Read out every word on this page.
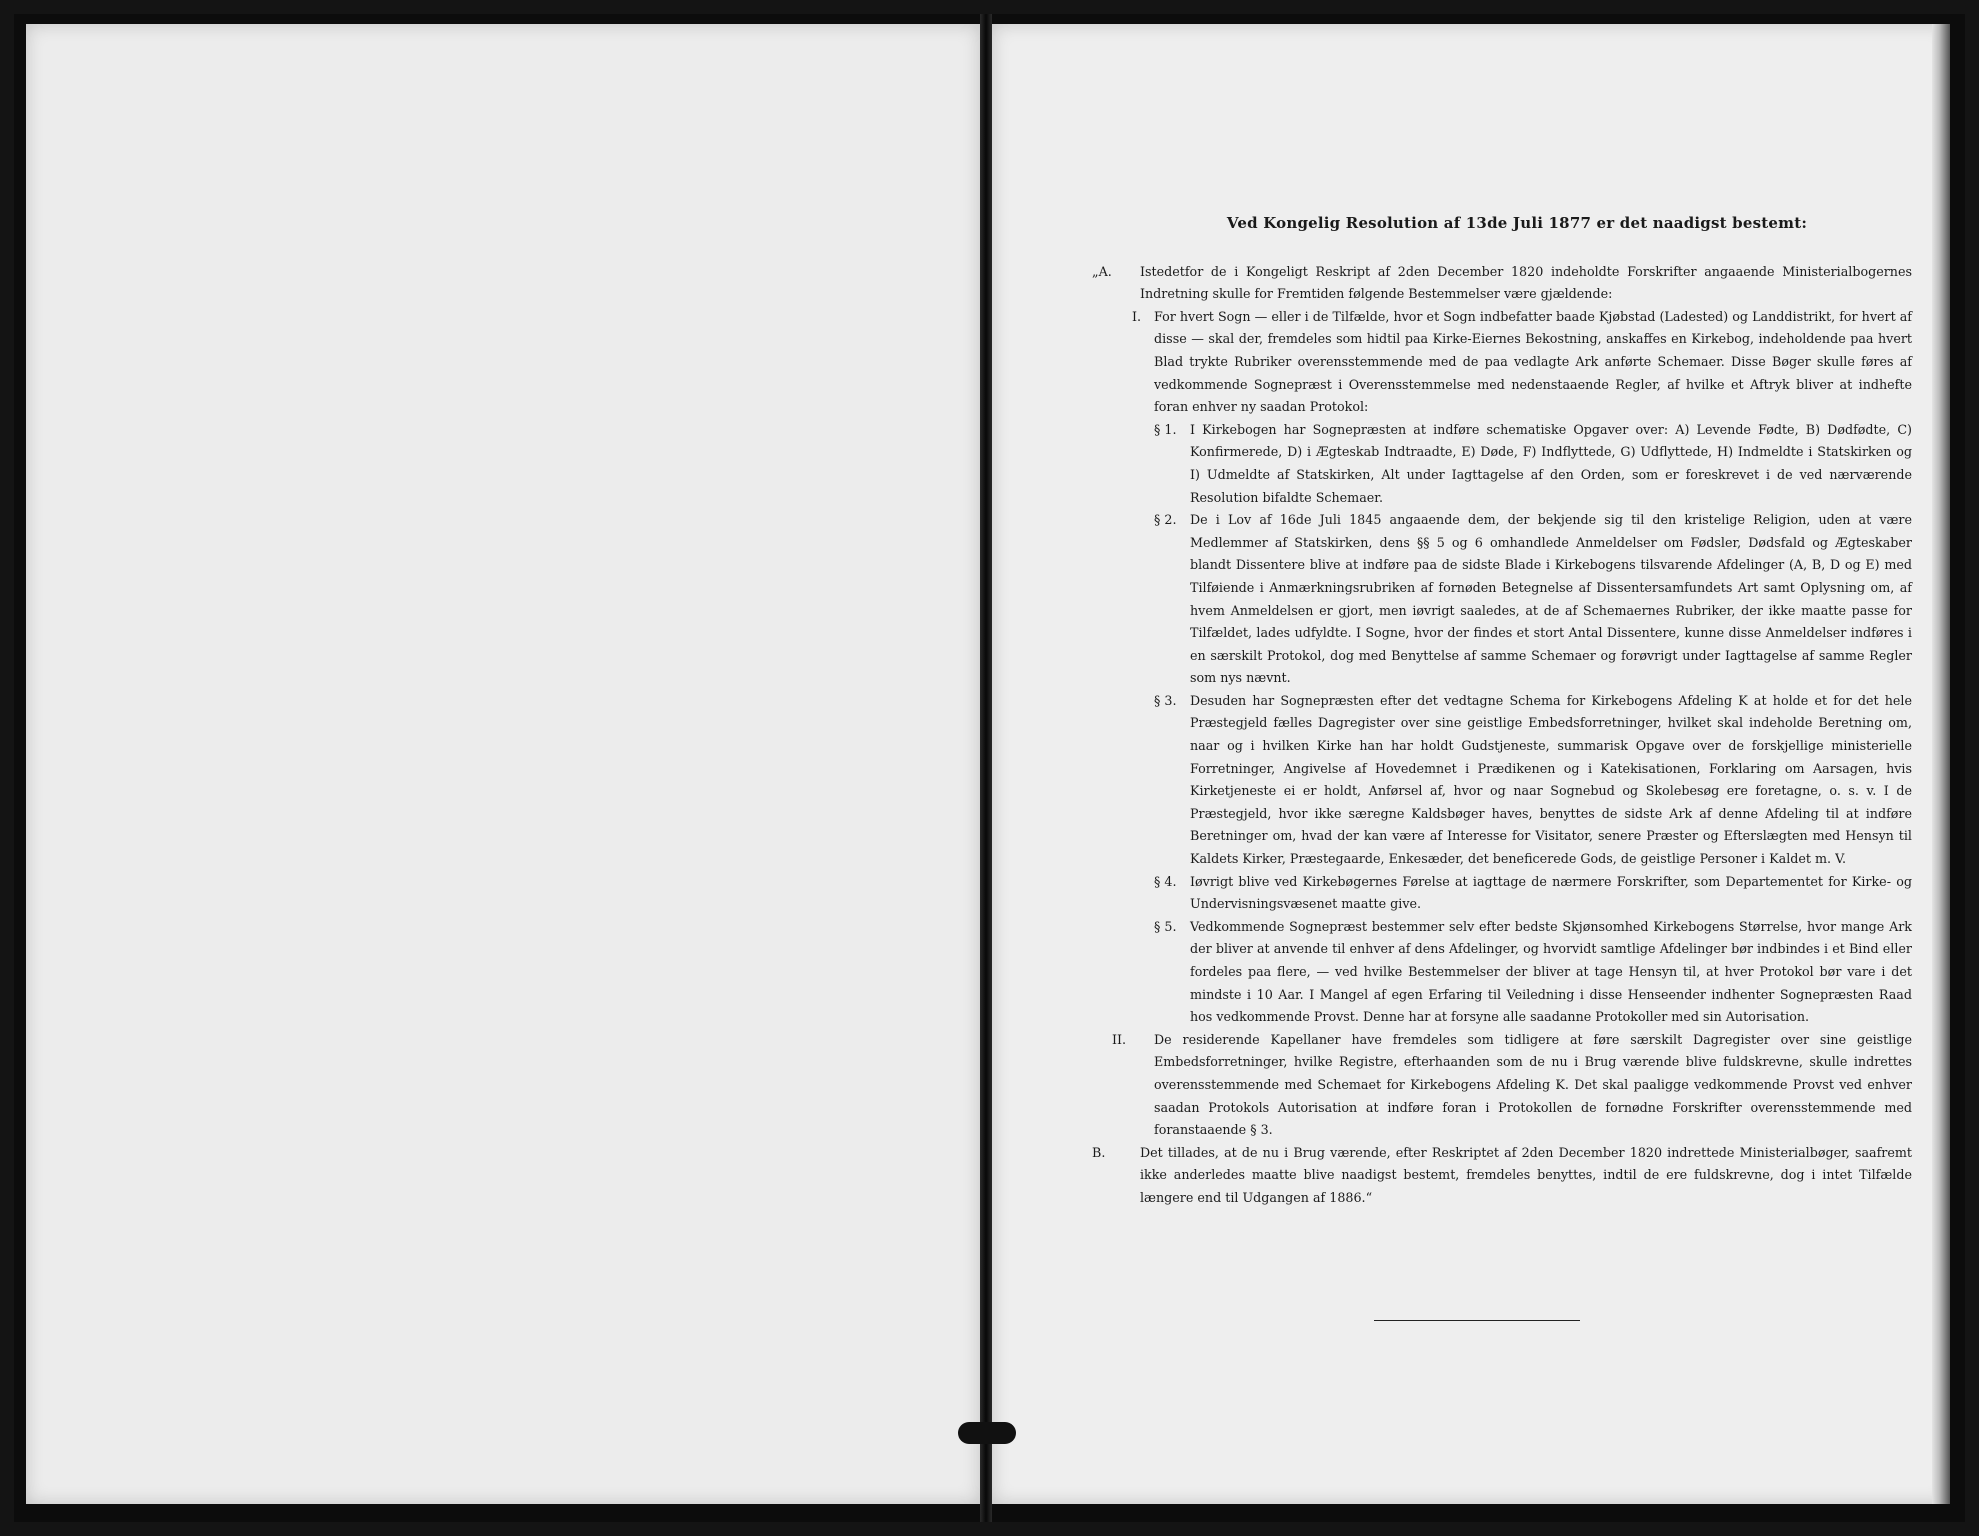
Ved Kongelig Resolution af 13de Juli 1877 er det naadigst bestemt:
„A.	Istedetfor de i Kongeligt Reskript af 2den December 1820 indeholdte Forskrifter angaaende Ministerialbogernes Indretning skulle for Fremtiden følgende Bestemmelser være gjældende:
I.	For hvert Sogn — eller i de Tilfælde, hvor et Sogn indbefatter baade Kjøbstad (Ladested) og Landdistrikt, for hvert af disse — skal der, fremdeles som hidtil paa Kirke-Eiernes Bekostning, anskaffes en Kirkebog, indeholdende paa hvert Blad trykte Rubriker overensstemmende med de paa vedlagte Ark anførte Schemaer. Disse Bøger skulle føres af vedkommende Sognepræst i Overensstemmelse med nedenstaaende Regler, af hvilke et Aftryk bliver at indhefte foran enhver ny saadan Protokol:
§ 1.	I Kirkebogen har Sognepræsten at indføre schematiske Opgaver over: A) Levende Fødte, B) Dødfødte, C) Konfirmerede, D) i Ægteskab Indtraadte, E) Døde, F) Indflyttede, G) Udflyttede, H) Indmeldte i Statskirken og I) Udmeldte af Statskirken, Alt under Iagttagelse af den Orden, som er foreskrevet i de ved nærværende Resolution bifaldte Schemaer.
§ 2.	De i Lov af 16de Juli 1845 angaaende dem, der bekjende sig til den kristelige Religion, uden at være Medlemmer af Statskirken, dens §§ 5 og 6 omhandlede Anmeldelser om Fødsler, Dødsfald og Ægteskaber blandt Dissentere blive at indføre paa de sidste Blade i Kirkebogens tilsvarende Afdelinger (A, B, D og E) med Tilføiende i Anmærkningsrubriken af fornøden Betegnelse af Dissentersamfundets Art samt Oplysning om, af hvem Anmeldelsen er gjort, men iøvrigt saaledes, at de af Schemaernes Rubriker, der ikke maatte passe for Tilfældet, lades udfyldte. I Sogne, hvor der findes et stort Antal Dissentere, kunne disse Anmeldelser indføres i en særskilt Protokol, dog med Benyttelse af samme Schemaer og forøvrigt under Iagttagelse af samme Regler som nys nævnt.
§ 3.	Desuden har Sognepræsten efter det vedtagne Schema for Kirkebogens Afdeling K at holde et for det hele Præstegjeld fælles Dagregister over sine geistlige Embedsforretninger, hvilket skal indeholde Beretning om, naar og i hvilken Kirke han har holdt Gudstjeneste, summarisk Opgave over de forskjellige ministerielle Forretninger, Angivelse af Hovedemnet i Prædikenen og i Katekisationen, Forklaring om Aarsagen, hvis Kirketjeneste ei er holdt, Anførsel af, hvor og naar Sognebud og Skolebesøg ere foretagne, o. s. v. I de Præstegjeld, hvor ikke særegne Kaldsbøger haves, benyttes de sidste Ark af denne Afdeling til at indføre Beretninger om, hvad der kan være af Interesse for Visitator, senere Præster og Efterslægten med Hensyn til Kaldets Kirker, Præstegaarde, Enkesæder, det beneficerede Gods, de geistlige Personer i Kaldet m. V.
§ 4.	Iøvrigt blive ved Kirkebøgernes Førelse at iagttage de nærmere Forskrifter, som Departementet for Kirke- og Undervisningsvæsenet maatte give.
§ 5.	Vedkommende Sognepræst bestemmer selv efter bedste Skjønsomhed Kirkebogens Størrelse, hvor mange Ark der bliver at anvende til enhver af dens Afdelinger, og hvorvidt samtlige Afdelinger bør indbindes i et Bind eller fordeles paa flere, — ved hvilke Bestemmelser der bliver at tage Hensyn til, at hver Protokol bør vare i det mindste i 10 Aar. I Mangel af egen Erfaring til Veiledning i disse Henseender indhenter Sognepræsten Raad hos vedkommende Provst. Denne har at forsyne alle saadanne Protokoller med sin Autorisation.
II.	De residerende Kapellaner have fremdeles som tidligere at føre særskilt Dagregister over sine geistlige Embedsforretninger, hvilke Registre, efterhaanden som de nu i Brug værende blive fuldskrevne, skulle indrettes overensstemmende med Schemaet for Kirkebogens Afdeling K. Det skal paaligge vedkommende Provst ved enhver saadan Protokols Autorisation at indføre foran i Protokollen de fornødne Forskrifter overensstemmende med foranstaaende § 3.
B.	Det tillades, at de nu i Brug værende, efter Reskriptet af 2den December 1820 indrettede Ministerialbøger, saafremt ikke anderledes maatte blive naadigst bestemt, fremdeles benyttes, indtil de ere fuldskrevne, dog i intet Tilfælde længere end til Udgangen af 1886.“
